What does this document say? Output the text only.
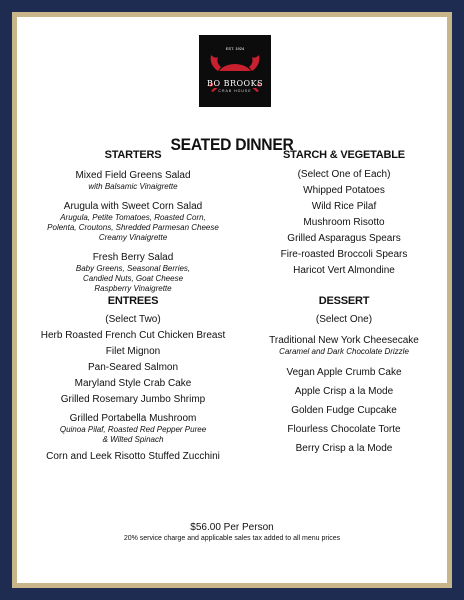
EST. 1924
BO BROOKS
CRAB HOUSE
SEATED DINNER
STARTERS
Mixed Field Greens Salad
with Balsamic Vinaigrette
Arugula with Sweet Corn Salad
Arugula, Petite Tomatoes, Roasted Corn,
Polenta, Croutons, Shredded Parmesan Cheese
Creamy Vinaigrette
Fresh Berry Salad
Baby Greens, Seasonal Berries,
Candied Nuts, Goat Cheese
Raspberry Vinaigrette
STARCH & VEGETABLE
(Select One of Each)
Whipped Potatoes
Wild Rice Pilaf
Mushroom Risotto
Grilled Asparagus Spears
Fire-roasted Broccoli Spears
Haricot Vert Almondine
ENTREES
(Select Two)
Herb Roasted French Cut Chicken Breast
Filet Mignon
Pan-Seared Salmon
Maryland Style Crab Cake
Grilled Rosemary Jumbo Shrimp
Grilled Portabella Mushroom
Quinoa Pilaf, Roasted Red Pepper Puree
& Wilted Spinach
Corn and Leek Risotto Stuffed Zucchini
DESSERT
(Select One)
Traditional New York Cheesecake
Caramel and Dark Chocolate Drizzle
Vegan Apple Crumb Cake
Apple Crisp a la Mode
Golden Fudge Cupcake
Flourless Chocolate Torte
Berry Crisp a la Mode
$56.00 Per Person
20% service charge and applicable sales tax added to all menu prices
